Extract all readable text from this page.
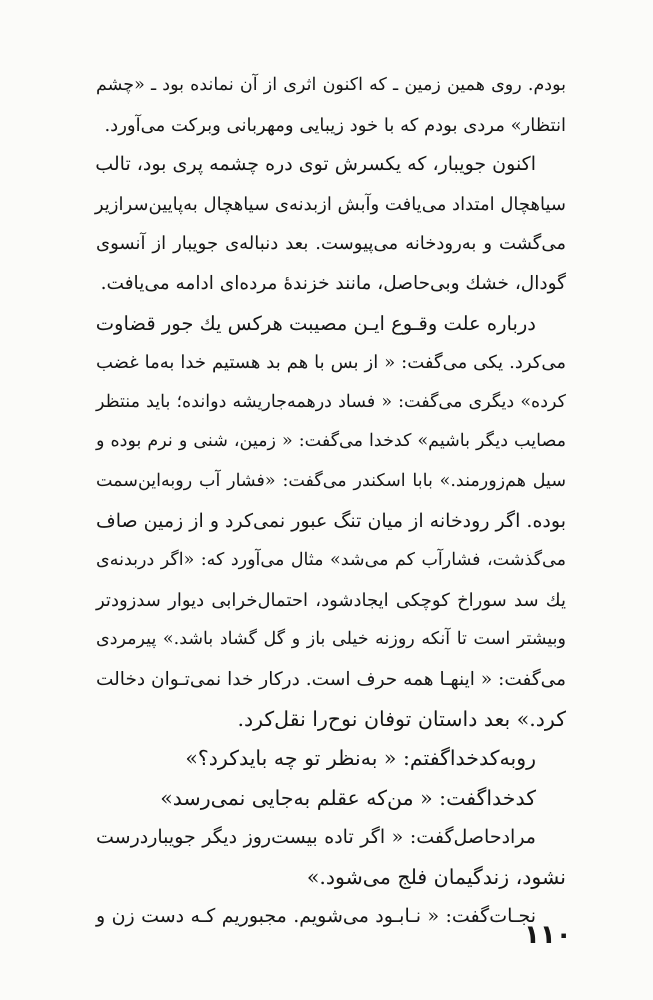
بودم. روی همین زمین ـ که اکنون اثری از آن نمانده بود ـ «چشم
انتظار» مردی بودم که با خود زیبایی ومهربانی وبرکت می‌آورد.
اکنون جویبار، که یکسرش توی دره چشمه پری بود، تالب
سیاهچال امتداد می‌یافت وآبش ازبدنه‌ی سیاهچال به‌پایین‌سرازیر
می‌گشت و به‌رودخانه می‌پیوست. بعد دنباله‌ی جویبار از آنسوی
گودال، خشك وبی‌حاصل، مانند خزندهٔ مرده‌ای ادامه می‌یافت.
درباره علت وقـوع ایـن مصیبت هرکس یك جور قضاوت
می‌کرد. یکی می‌گفت: « از بس با هم بد هستیم خدا به‌ما غضب
کرده» دیگری می‌گفت: « فساد درهمه‌جاریشه دوانده؛ باید منتظر
مصایب دیگر باشیم» کدخدا می‌گفت: « زمین، شنی و نرم بوده و
سیل هم‌زورمند.» بابا اسکندر می‌گفت: «فشار آب روبه‌این‌سمت
بوده. اگر رودخانه از میان تنگ عبور نمی‌کرد و از زمین صاف
می‌گذشت، فشارآب کم می‌شد» مثال می‌آورد که: «اگر دربدنه‌ی
یك سد سوراخ کوچکی ایجادشود، احتمال‌خرابی دیوار سدزودتر
وبیشتر است تا آنکه روزنه خیلی باز و گل گشاد باشد.» پیرمردی
می‌گفت: « اینهـا همه حرف است. درکار خدا نمی‌تـوان دخالت
کرد.» بعد داستان توفان نوح‌را نقل‌کرد.
روبه‌کدخداگفتم: « به‌نظر تو چه بایدکرد؟»
کدخداگفت: « من‌که عقلم به‌جایی نمی‌رسد»
مرادحاصل‌گفت: « اگر تاده بیست‌روز دیگر جویباردرست
نشود، زندگیمان فلج می‌شود.»
نجـات‌گفت: « نـابـود می‌شویم. مجبوریم کـه دست زن و
۱۱۰
